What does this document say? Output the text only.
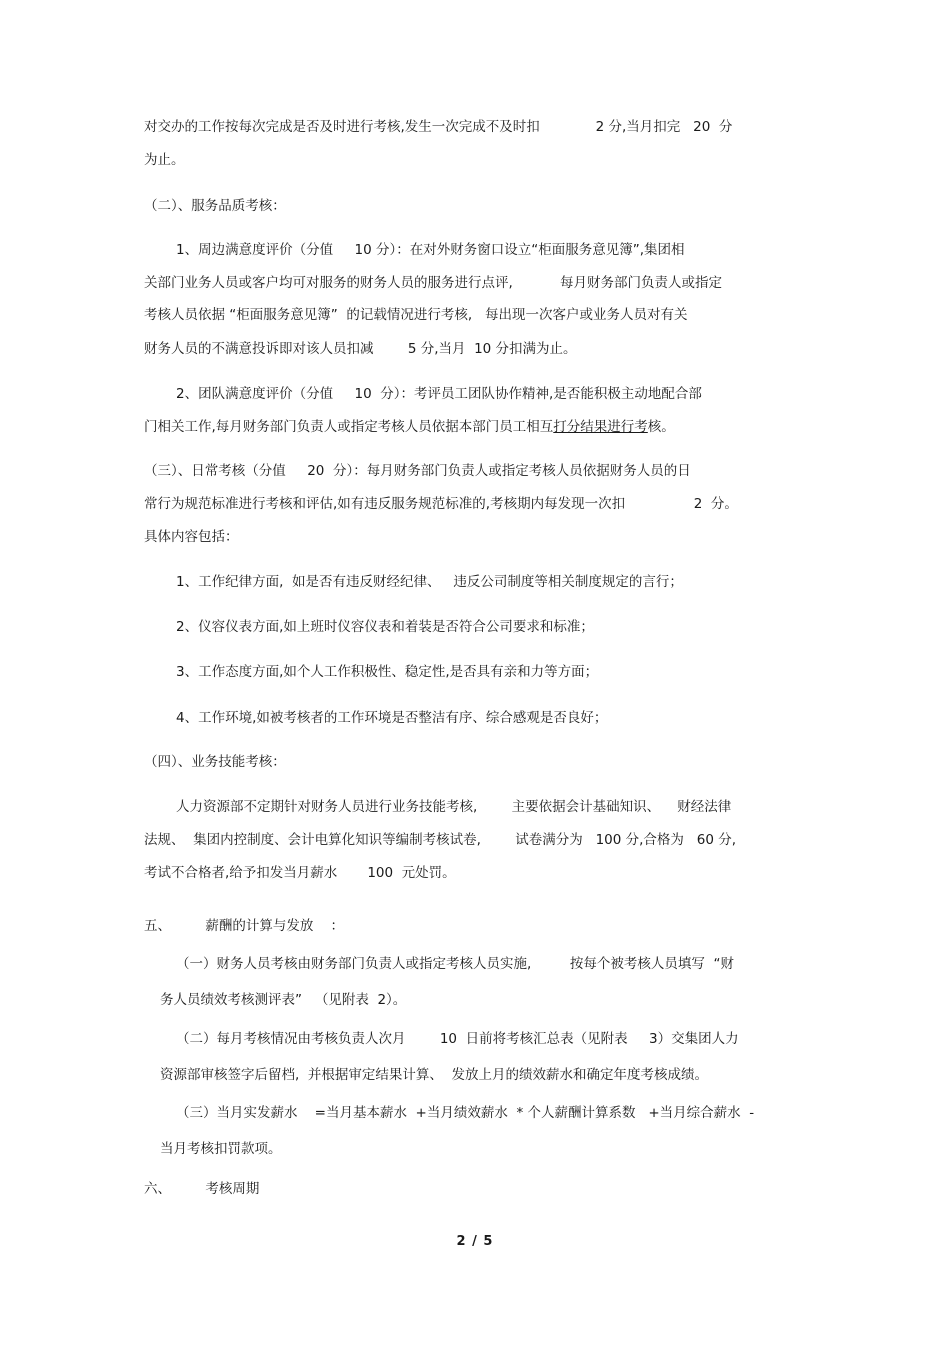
对交办的工作按每次完成是否及时进行考核,发生一次完成不及时扣             2 分,当月扣完   20  分
为止。
（二）、服务品质考核：
1、周边满意度评价（分值     10 分）：在对外财务窗口设立“柜面服务意见簿”,集团相
关部门业务人员或客户均可对服务的财务人员的服务进行点评,           每月财务部门负责人或指定
考核人员依据 “柜面服务意见簿”  的记载情况进行考核,   每出现一次客户或业务人员对有关
财务人员的不满意投诉即对该人员扣减        5 分,当月  10 分扣满为止。
2、团队满意度评价（分值     10  分）：考评员工团队协作精神,是否能积极主动地配合部
门相关工作,每月财务部门负责人或指定考核人员依据本部门员工相互打分结果进行考核。
（三）、日常考核（分值     20  分）：每月财务部门负责人或指定考核人员依据财务人员的日
常行为规范标准进行考核和评估,如有违反服务规范标准的,考核期内每发现一次扣                2  分。
具体内容包括：
1、工作纪律方面,  如是否有违反财经纪律、   违反公司制度等相关制度规定的言行；
2、仪容仪表方面,如上班时仪容仪表和着装是否符合公司要求和标准；
3、工作态度方面,如个人工作积极性、稳定性,是否具有亲和力等方面；
4、工作环境,如被考核者的工作环境是否整洁有序、综合感观是否良好；
（四）、业务技能考核：
人力资源部不定期针对财务人员进行业务技能考核,        主要依据会计基础知识、    财经法律
法规、  集团内控制度、会计电算化知识等编制考核试卷,        试卷满分为   100 分,合格为   60 分,
考试不合格者,给予扣发当月薪水       100  元处罚。
五、        薪酬的计算与发放    ：
（一）财务人员考核由财务部门负责人或指定考核人员实施,         按每个被考核人员填写  “财
务人员绩效考核测评表”   （见附表  2）。
（二）每月考核情况由考核负责人次月        10  日前将考核汇总表（见附表     3）交集团人力
资源部审核签字后留档,  并根据审定结果计算、  发放上月的绩效薪水和确定年度考核成绩。
（三）当月实发薪水    =当月基本薪水  +当月绩效薪水  * 个人薪酬计算系数   +当月综合薪水  -
当月考核扣罚款项。
六、        考核周期
2 / 5
